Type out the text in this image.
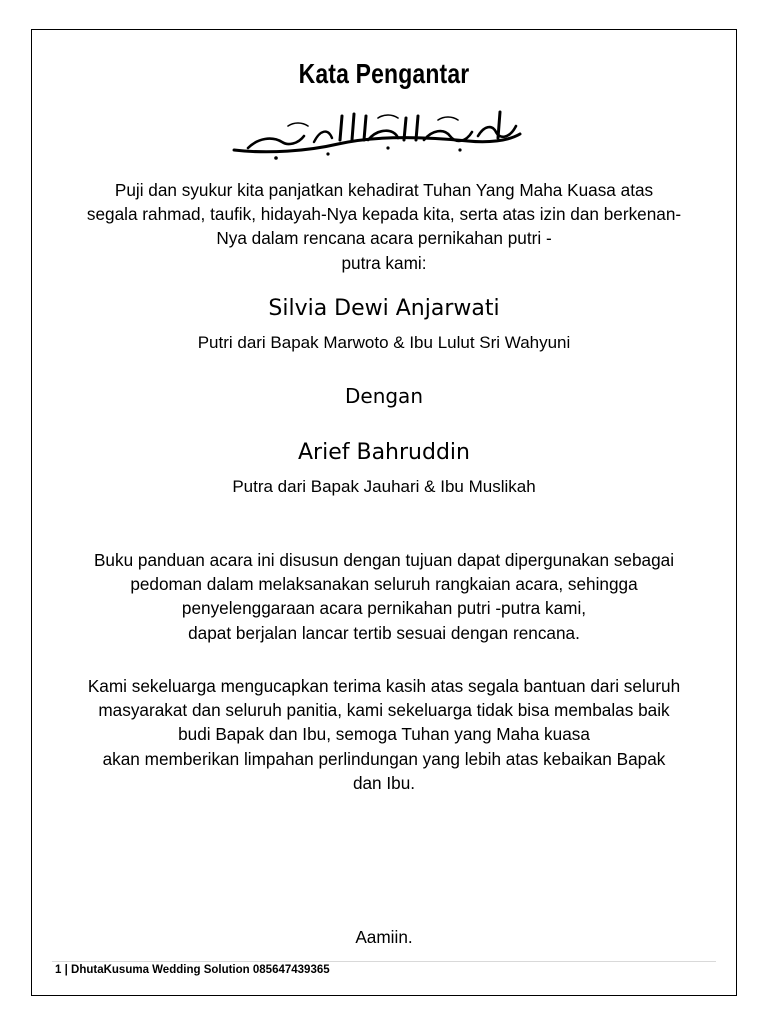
Kata Pengantar

Puji dan syukur kita panjatkan kehadirat Tuhan Yang Maha Kuasa atas
segala rahmad, taufik, hidayah-Nya kepada kita, serta atas izin dan berkenan-
Nya dalam rencana acara pernikahan putri -
putra kami:

Silvia Dewi Anjarwati

Putri dari Bapak Marwoto & Ibu Lulut Sri Wahyuni

Dengan

Arief Bahruddin

Putra dari Bapak Jauhari & Ibu Muslikah

Buku panduan acara ini disusun dengan tujuan dapat dipergunakan sebagai
pedoman dalam melaksanakan seluruh rangkaian acara, sehingga
penyelenggaraan acara pernikahan putri -putra kami,
dapat berjalan lancar tertib sesuai dengan rencana.

Kami sekeluarga mengucapkan terima kasih atas segala bantuan dari seluruh
masyarakat dan seluruh panitia, kami sekeluarga tidak bisa membalas baik
budi Bapak dan Ibu, semoga Tuhan yang Maha kuasa
akan memberikan limpahan perlindungan yang lebih atas kebaikan Bapak
dan Ibu.

Aamiin.

1 | DhutaKusuma Wedding Solution 085647439365
